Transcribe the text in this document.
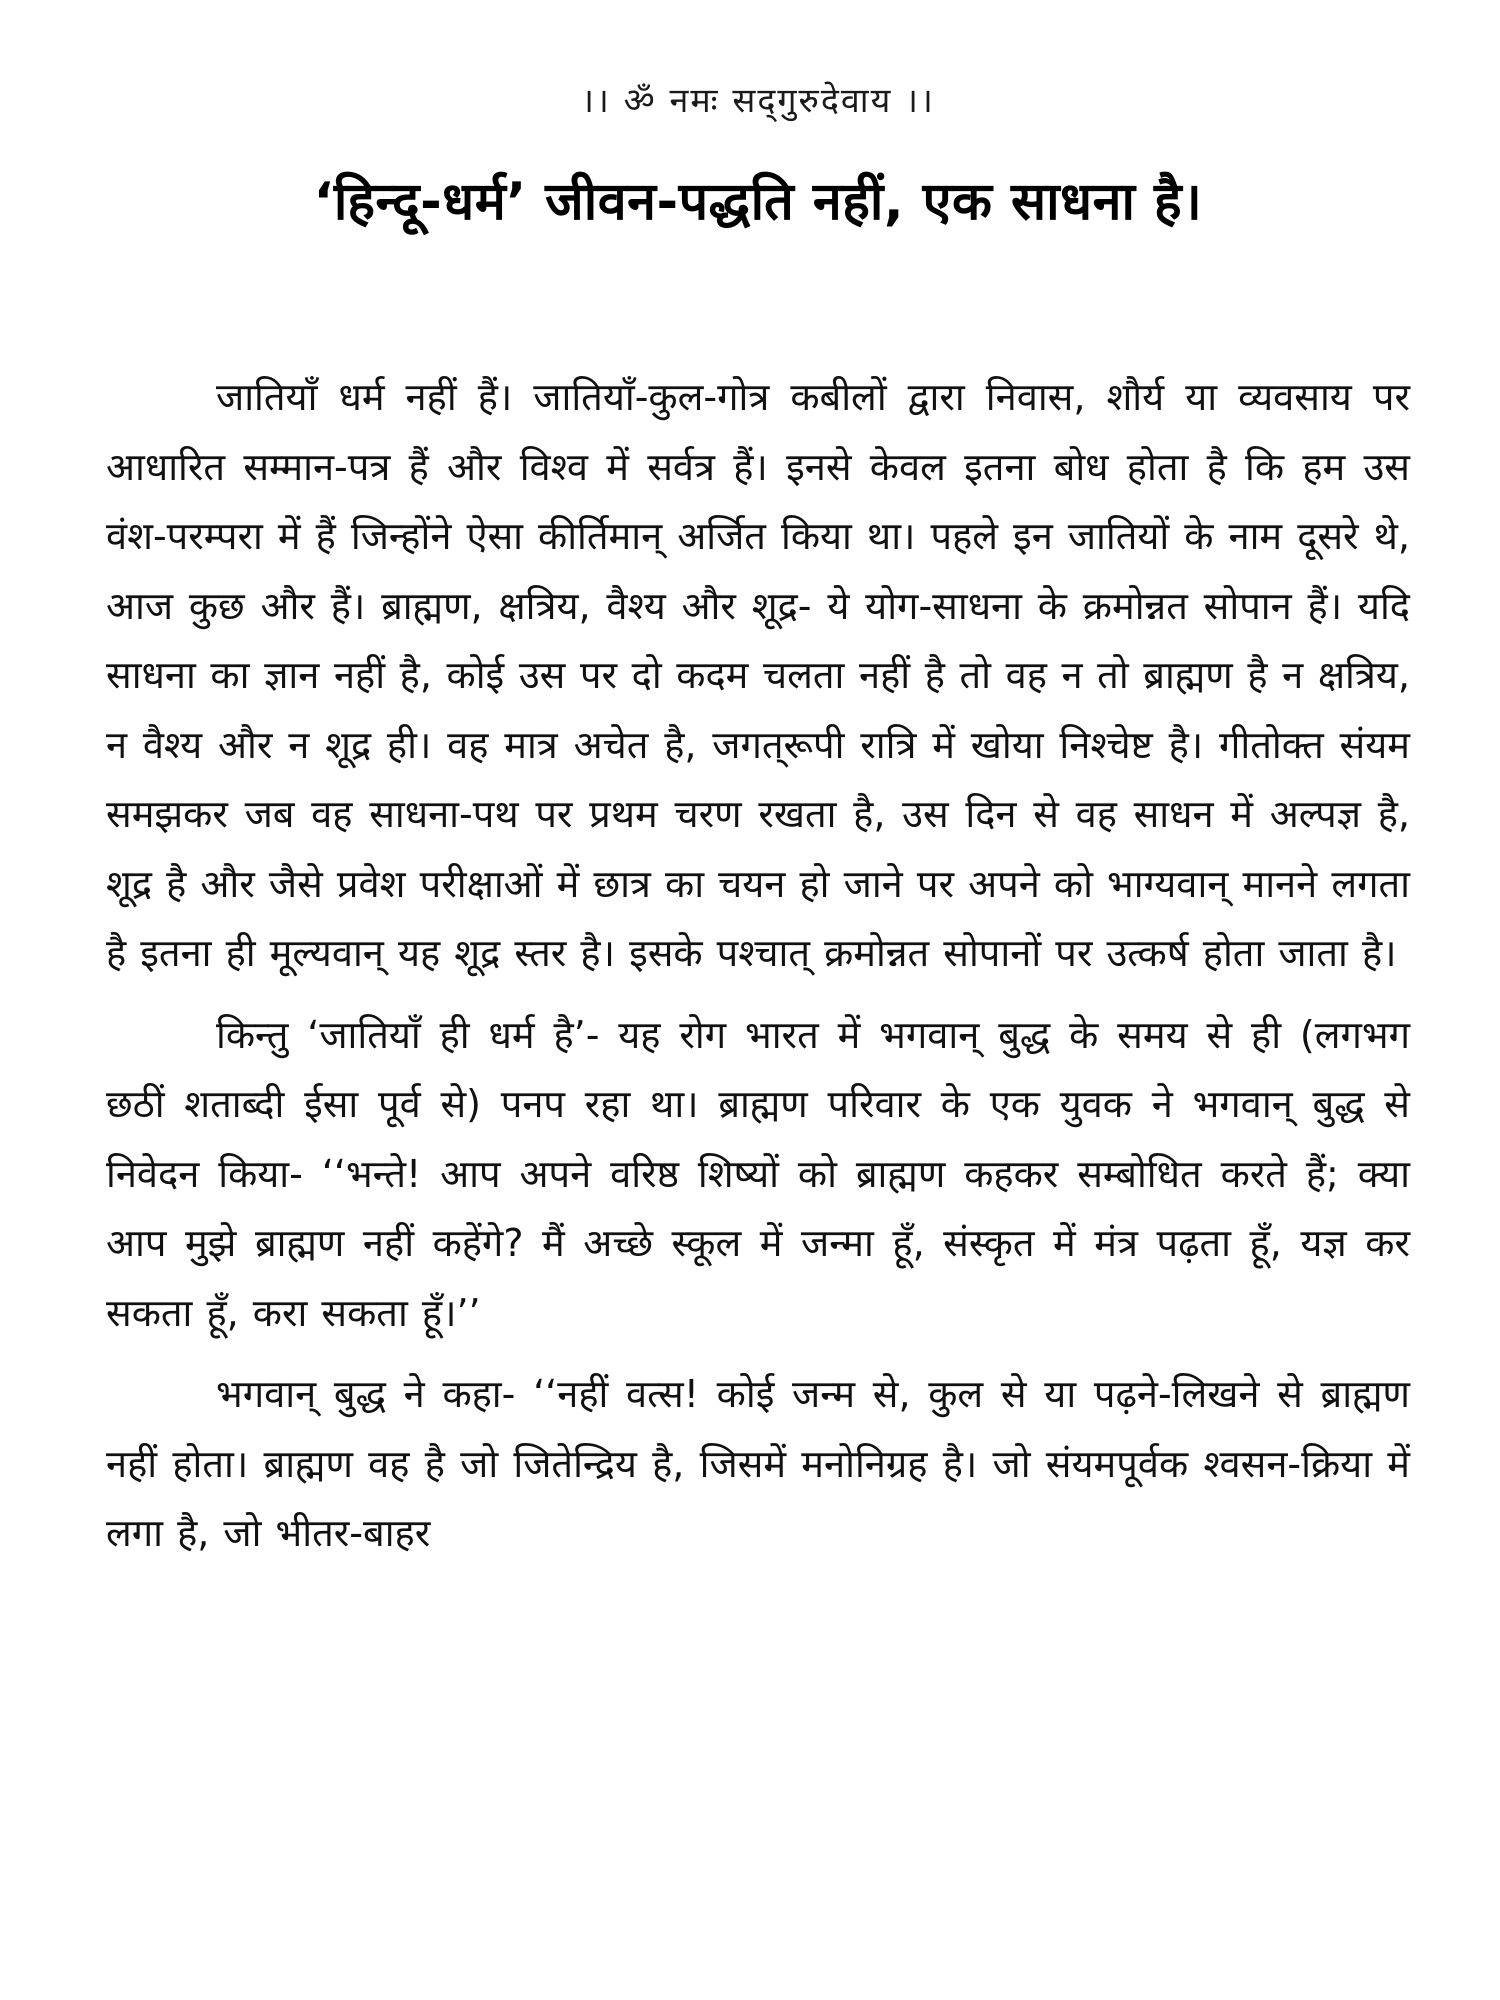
।। ॐ नमः सद्‌गुरुदेवाय ।।
‘हिन्दू-धर्म’ जीवन-पद्धति नहीं, एक साधना है।

जातियाँ धर्म नहीं हैं। जातियाँ-कुल-गोत्र कबीलों द्वारा निवास, शौर्य या व्यवसाय पर आधारित सम्मान-पत्र हैं और विश्व में सर्वत्र हैं। इनसे केवल इतना बोध होता है कि हम उस वंश-परम्परा में हैं जिन्होंने ऐसा कीर्तिमान् अर्जित किया था। पहले इन जातियों के नाम दूसरे थे, आज कुछ और हैं। ब्राह्मण, क्षत्रिय, वैश्य और शूद्र- ये योग-साधना के क्रमोन्नत सोपान हैं। यदि साधना का ज्ञान नहीं है, कोई उस पर दो कदम चलता नहीं है तो वह न तो ब्राह्मण है न क्षत्रिय, न वैश्य और न शूद्र ही। वह मात्र अचेत है, जगत्‌रूपी रात्रि में खोया निश्चेष्ट है। गीतोक्त संयम समझकर जब वह साधना-पथ पर प्रथम चरण रखता है, उस दिन से वह साधन में अल्पज्ञ है, शूद्र है और जैसे प्रवेश परीक्षाओं में छात्र का चयन हो जाने पर अपने को भाग्यवान् मानने लगता है इतना ही मूल्यवान् यह शूद्र स्तर है। इसके पश्चात् क्रमोन्नत सोपानों पर उत्कर्ष होता जाता है।

किन्तु ‘जातियाँ ही धर्म है’- यह रोग भारत में भगवान् बुद्ध के समय से ही (लगभग छठीं शताब्दी ईसा पूर्व से) पनप रहा था। ब्राह्मण परिवार के एक युवक ने भगवान् बुद्ध से निवेदन किया- ‘‘भन्ते! आप अपने वरिष्ठ शिष्यों को ब्राह्मण कहकर सम्बोधित करते हैं; क्या आप मुझे ब्राह्मण नहीं कहेंगे? मैं अच्छे स्कूल में जन्मा हूँ, संस्कृत में मंत्र पढ़ता हूँ, यज्ञ कर सकता हूँ, करा सकता हूँ।’’

भगवान् बुद्ध ने कहा- ‘‘नहीं वत्स! कोई जन्म से, कुल से या पढ़ने-लिखने से ब्राह्मण नहीं होता। ब्राह्मण वह है जो जितेन्द्रिय है, जिसमें मनोनिग्रह है। जो संयमपूर्वक श्वसन-क्रिया में लगा है, जो भीतर-बाहर
